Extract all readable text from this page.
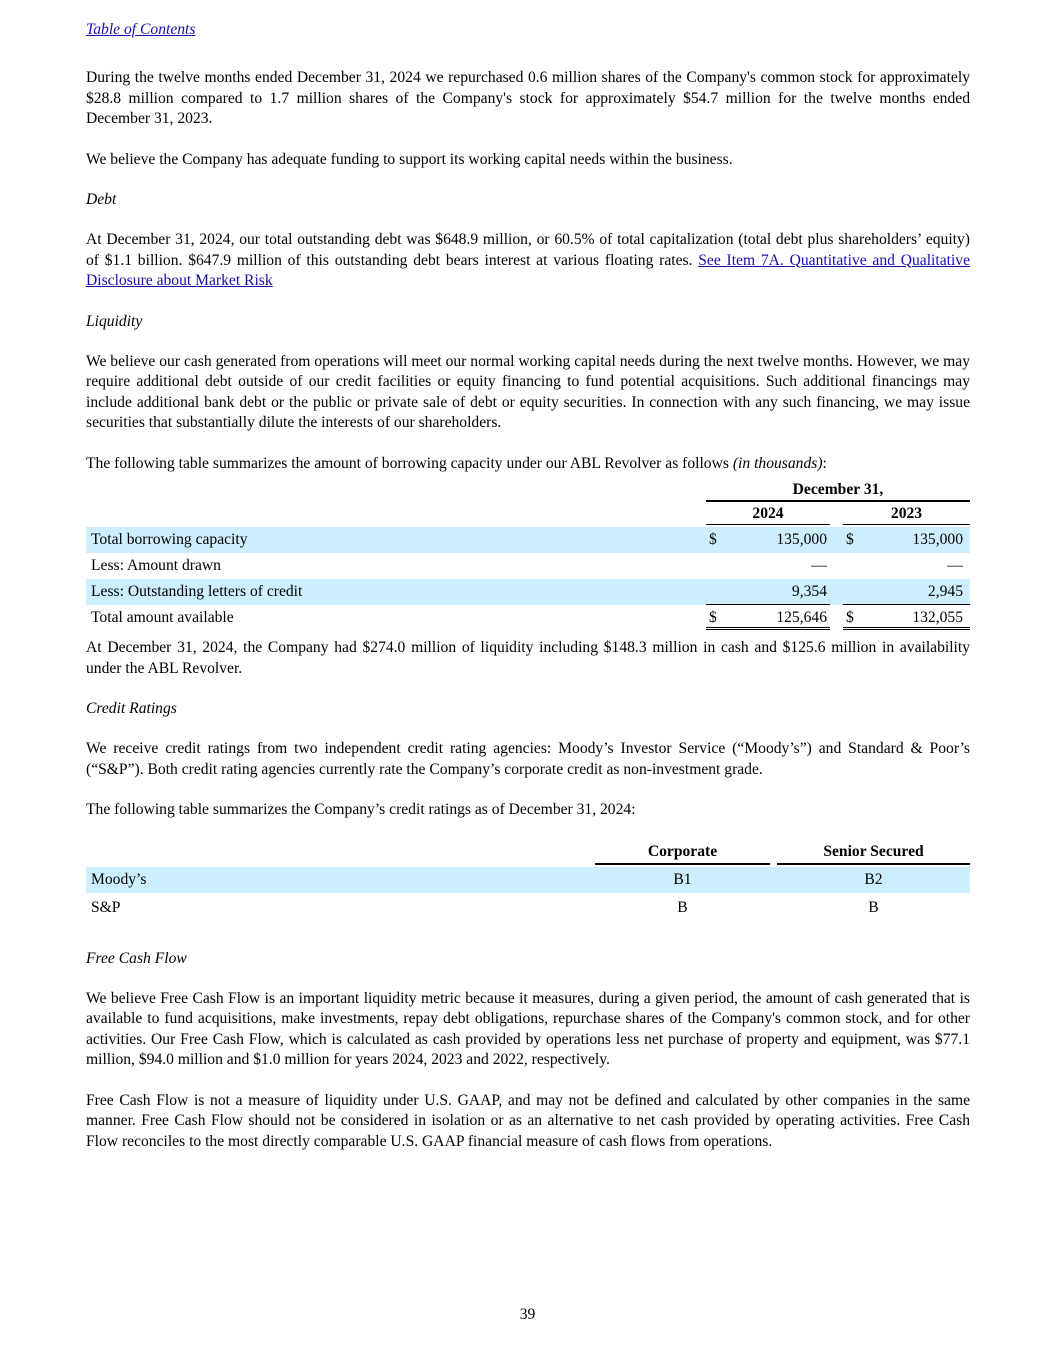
Table of Contents

During the twelve months ended December 31, 2024 we repurchased 0.6 million shares of the Company's common stock for approximately $28.8 million compared to 1.7 million shares of the Company's stock for approximately $54.7 million for the twelve months ended December 31, 2023.

We believe the Company has adequate funding to support its working capital needs within the business.

Debt

At December 31, 2024, our total outstanding debt was $648.9 million, or 60.5% of total capitalization (total debt plus shareholders’ equity) of $1.1 billion. $647.9 million of this outstanding debt bears interest at various floating rates. See Item 7A. Quantitative and Qualitative Disclosure about Market Risk

Liquidity

We believe our cash generated from operations will meet our normal working capital needs during the next twelve months. However, we may require additional debt outside of our credit facilities or equity financing to fund potential acquisitions. Such additional financings may include additional bank debt or the public or private sale of debt or equity securities. In connection with any such financing, we may issue securities that substantially dilute the interests of our shareholders.

The following table summarizes the amount of borrowing capacity under our ABL Revolver as follows (in thousands):

December 31,
2024	2023
Total borrowing capacity	$	135,000 $	135,000
Less: Amount drawn	—	—
Less: Outstanding letters of credit	9,354	2,945
Total amount available	$	125,646 $	132,055

At December 31, 2024, the Company had $274.0 million of liquidity including $148.3 million in cash and $125.6 million in availability under the ABL Revolver.

Credit Ratings

We receive credit ratings from two independent credit rating agencies: Moody’s Investor Service (“Moody’s”) and Standard & Poor’s (“S&P”). Both credit rating agencies currently rate the Company’s corporate credit as non-investment grade.

The following table summarizes the Company’s credit ratings as of December 31, 2024:

Corporate	Senior Secured
Moody’s	B1	B2
S&P	B	B

Free Cash Flow

We believe Free Cash Flow is an important liquidity metric because it measures, during a given period, the amount of cash generated that is available to fund acquisitions, make investments, repay debt obligations, repurchase shares of the Company's common stock, and for other activities. Our Free Cash Flow, which is calculated as cash provided by operations less net purchase of property and equipment, was $77.1 million, $94.0 million and $1.0 million for years 2024, 2023 and 2022, respectively.

Free Cash Flow is not a measure of liquidity under U.S. GAAP, and may not be defined and calculated by other companies in the same manner. Free Cash Flow should not be considered in isolation or as an alternative to net cash provided by operating activities. Free Cash Flow reconciles to the most directly comparable U.S. GAAP financial measure of cash flows from operations.

39
